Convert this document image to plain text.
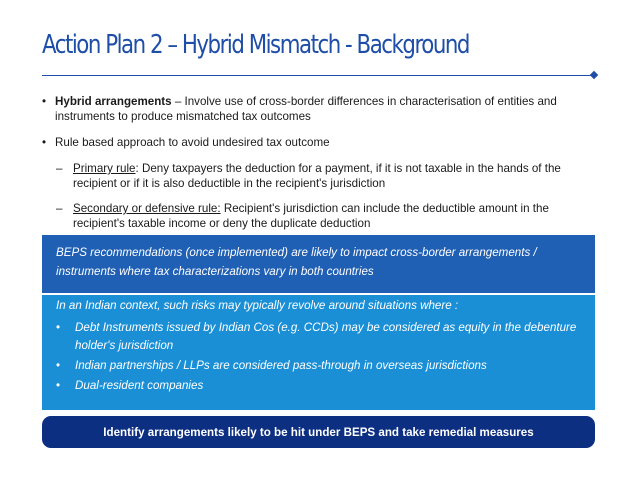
Action Plan 2 – Hybrid Mismatch - Background
• Hybrid arrangements – Involve use of cross-border differences in characterisation of entities and instruments to produce mismatched tax outcomes
• Rule based approach to avoid undesired tax outcome
– Primary rule: Deny taxpayers the deduction for a payment, if it is not taxable in the hands of the recipient or if it is also deductible in the recipient's jurisdiction
– Secondary or defensive rule: Recipient's jurisdiction can include the deductible amount in the recipient's taxable income or deny the duplicate deduction
BEPS recommendations (once implemented) are likely to impact cross-border arrangements / instruments where tax characterizations vary in both countries
In an Indian context, such risks may typically revolve around situations where :
• Debt Instruments issued by Indian Cos (e.g. CCDs) may be considered as equity in the debenture holder's jurisdiction
• Indian partnerships / LLPs are considered pass-through in overseas jurisdictions
• Dual-resident companies
Identify arrangements likely to be hit under BEPS and take remedial measures
